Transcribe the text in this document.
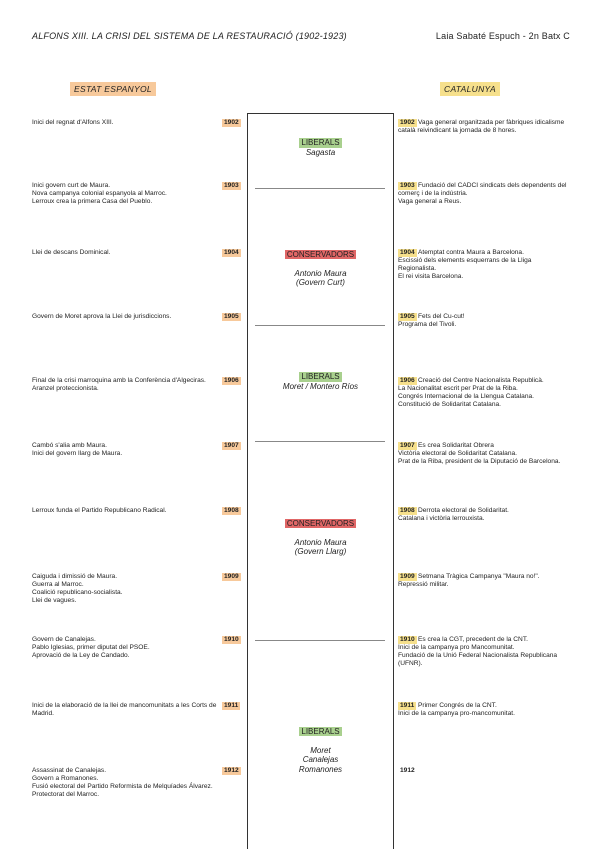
ALFONS XIII. LA CRISI DEL SISTEMA DE LA RESTAURACIÓ (1902-1923)	Laia Sabaté Espuch - 2n Batx C
ESTAT ESPANYOL	CATALUNYA
LIBERALS
Sagasta

CONSERVADORS

Antonio Maura
(Govern Curt)

LIBERALS
Moret / Montero Ríos

CONSERVADORS

Antonio Maura
(Govern Llarg)

LIBERALS

Moret
Canalejas
Romanones

Inici del regnat d'Alfons XIII.
Inici govern curt de Maura.
Nova campanya colonial espanyola al Marroc.
Lerroux crea la primera Casa del Pueblo.
Llei de descans Dominical.
Govern de Moret aprova la Llei de jurisdiccions.
Final de la crisi marroquina amb la Conferència d'Algeciras.
Aranzel proteccionista.
Cambó s'alia amb Maura.
Inici del govern llarg de Maura.
Lerroux funda el Partido Republicano Radical.
Caiguda i dimissió de Maura.
Guerra al Marroc.
Coalició republicano-socialista.
Llei de vagues.
Govern de Canalejas.
Pablo Iglesias, primer diputat del PSOE.
Aprovació de la Ley de Candado.
Inici de la elaboració de la llei de mancomunitats a les Corts de Madrid.
Assassinat de Canalejas.
Govern a Romanones.
Fusió electoral del Partido Reformista de Melquíades Álvarez.
Protectorat del Marroc.
1902
1903
1904
1905
1906
1907
1908
1909
1910
1911
1912
1902
1903
1904
1905
1906
1907
1908
1909
1910
1911
1912
Vaga general organitzada per fàbriques idicalisme català reivindicant la jornada de 8 hores.
Fundació del CADCI sindicats dels dependents del comerç i de la indústria.
Vaga general a Reus.
Atemptat contra Maura a Barcelona.
Escissió dels elements esquerrans de la Lliga Regionalista.
El rei visita Barcelona.
Fets del Cu-cut!
Programa del Tivoli.
Creació del Centre Nacionalista Republicà.
La Nacionalitat escrit per Prat de la Riba.
Congrés Internacional de la Llengua Catalana.
Constitució de Solidaritat Catalana.
Es crea Solidaritat Obrera
Victòria electoral de Solidaritat Catalana.
Prat de la Riba, president de la Diputació de Barcelona.
Derrota electoral de Solidaritat.
Catalana i victòria lerrouxista.
Setmana Tràgica Campanya "Maura no!".
Repressió militar.
Es crea la CGT, precedent de la CNT.
Inici de la campanya pro Mancomunitat.
Fundació de la Unió Federal Nacionalista Republicana (UFNR).
Primer Congrés de la CNT.
Inici de la campanya pro-mancomunitat.
